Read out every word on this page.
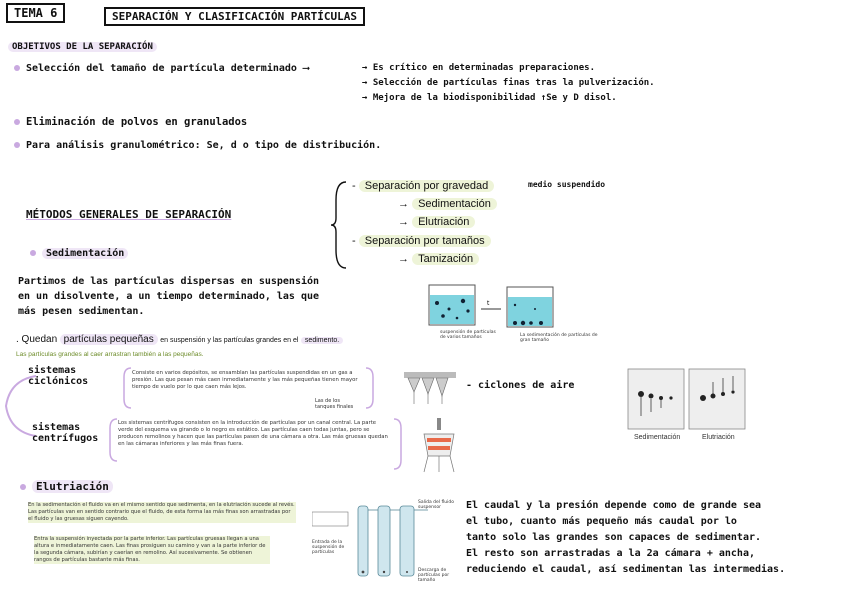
TEMA 6	SEPARACIÓN Y CLASIFICACIÓN PARTÍCULAS
OBJETIVOS DE LA SEPARACIÓN
Selección del tamaño de partícula determinado ⟶	→ Es crítico en determinadas preparaciones.
→ Selección de partículas finas tras la pulverización.
→ Mejora de la biodisponibilidad ↑Se y D disol.
Eliminación de polvos en granulados
Para análisis granulométrico: Se, d o tipo de distribución.
MÉTODOS GENERALES DE SEPARACIÓN
- Separación por gravedad	medio suspendido
→ Sedimentación
→ Elutriación
- Separación por tamaños
→ Tamización
Sedimentación
Partimos de las partículas dispersas en suspensión
en un disolvente, a un tiempo determinado, las que
más pesen sedimentan.
t
suspensión de partículas de varios tamaños	La sedimentación de partículas de gran tamaño
. Quedan partículas pequeñas en suspensión y las partículas grandes en el sedimento.
Las partículas grandes al caer arrastran también a las pequeñas.
sistemas
ciclónicos
Consiste en varios depósitos, se ensamblan las partículas suspendidas en un gas a presión. Las que pesan más caen inmediatamente y las más pequeñas tienen mayor tiempo de vuelo por lo que caen más lejos.
Las de los
tanques finales
- ciclones de aire
sistemas
centrífugos
Los sistemas centrífugos consisten en la introducción de partículas por un canal central. La parte verde del esquema va girando o lo negro es estático. Las partículas caen todas juntas, pero se producen remolinos y hacen que las partículas pasen de una cámara a otra. Las más gruesas quedan en las cámaras inferiores y las más finas fuera.
Sedimentación	Elutriación
Elutriación
En la sedimentación el fluido va en el mismo sentido que sedimenta, en la elutriación sucede al revés. Las partículas van en sentido contrario que el fluido, de esta forma las más finas son arrastradas por el fluido y las gruesas siguen cayendo.
Entra la suspensión inyectada por la parte inferior. Las partículas gruesas llegan a una altura e inmediatamente caen. Las finas prosiguen su camino y van a la parte inferior de la segunda cámara, subirían y caerían en remolino. Así sucesivamente. Se obtienen rangos de partículas bastante más finas.
Salida del fluido suspensor
Entrada de la suspensión de partículas
Descarga de partículas por tamaño
El caudal y la presión depende como de grande sea
el tubo, cuanto más pequeño más caudal por lo
tanto solo las grandes son capaces de sedimentar.
El resto son arrastradas a la 2a cámara + ancha,
reduciendo el caudal, así sedimentan las intermedias.
